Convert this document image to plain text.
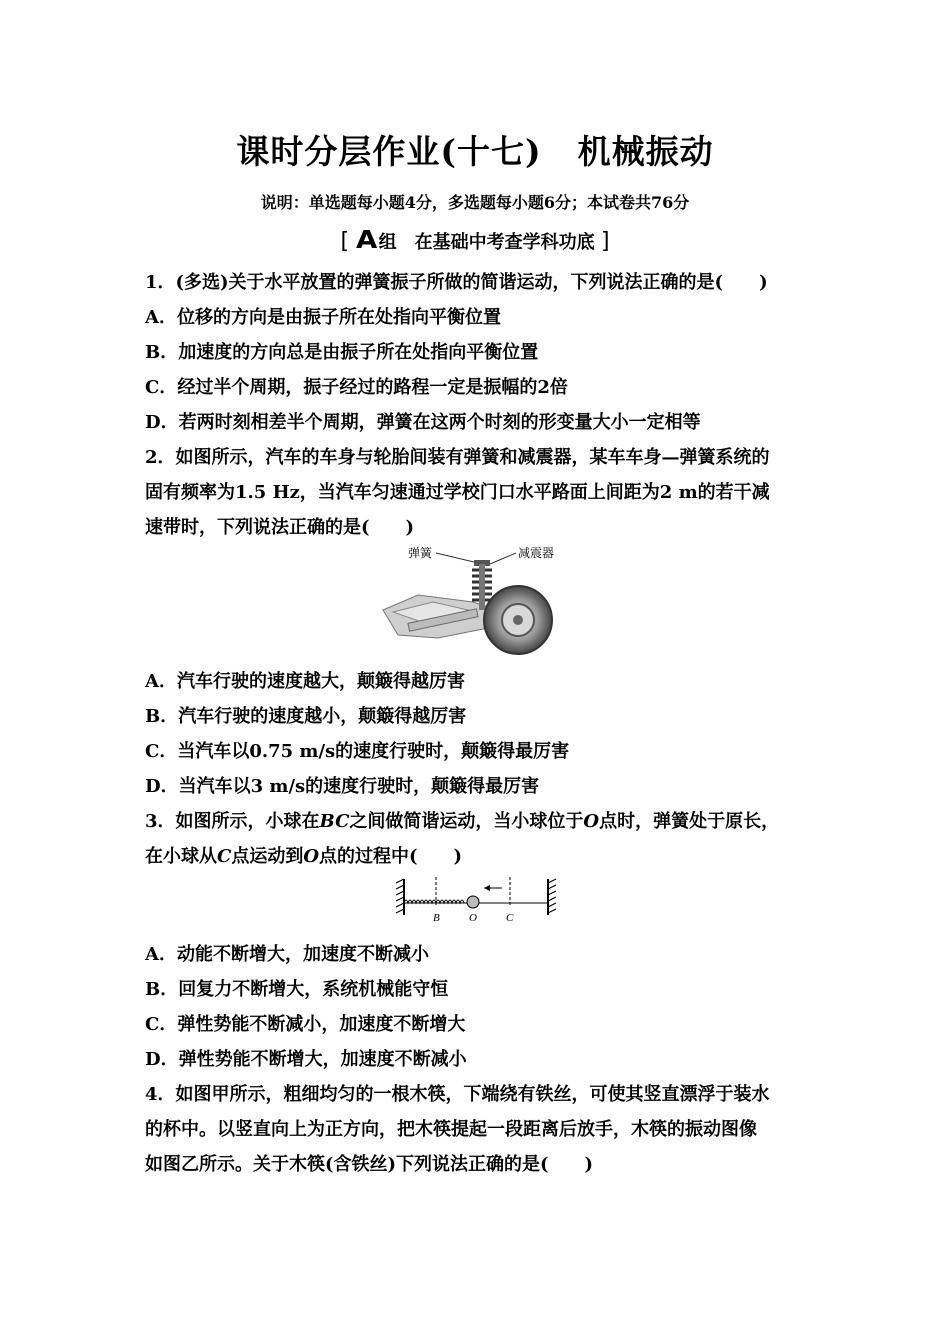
课时分层作业(十七) 机械振动
说明：单选题每小题4分，多选题每小题6分；本试卷共76分
[ A组　在基础中考查学科功底 ]
1．(多选)关于水平放置的弹簧振子所做的简谐运动，下列说法正确的是(　　)
A．位移的方向是由振子所在处指向平衡位置
B．加速度的方向总是由振子所在处指向平衡位置
C．经过半个周期，振子经过的路程一定是振幅的2倍
D．若两时刻相差半个周期，弹簧在这两个时刻的形变量大小一定相等
2．如图所示，汽车的车身与轮胎间装有弹簧和减震器，某车车身—弹簧系统的
固有频率为1.5 Hz，当汽车匀速通过学校门口水平路面上间距为2 m的若干减
速带时，下列说法正确的是(　　)
弹簧	减震器
A．汽车行驶的速度越大，颠簸得越厉害
B．汽车行驶的速度越小，颠簸得越厉害
C．当汽车以0.75 m/s的速度行驶时，颠簸得最厉害
D．当汽车以3 m/s的速度行驶时，颠簸得最厉害
3．如图所示，小球在BC之间做简谐运动，当小球位于O点时，弹簧处于原长，
在小球从C点运动到O点的过程中(　　)
B	O	C
A．动能不断增大，加速度不断减小
B．回复力不断增大，系统机械能守恒
C．弹性势能不断减小，加速度不断增大
D．弹性势能不断增大，加速度不断减小
4．如图甲所示，粗细均匀的一根木筷，下端绕有铁丝，可使其竖直漂浮于装水
的杯中。以竖直向上为正方向，把木筷提起一段距离后放手，木筷的振动图像
如图乙所示。关于木筷(含铁丝)下列说法正确的是(　　)
